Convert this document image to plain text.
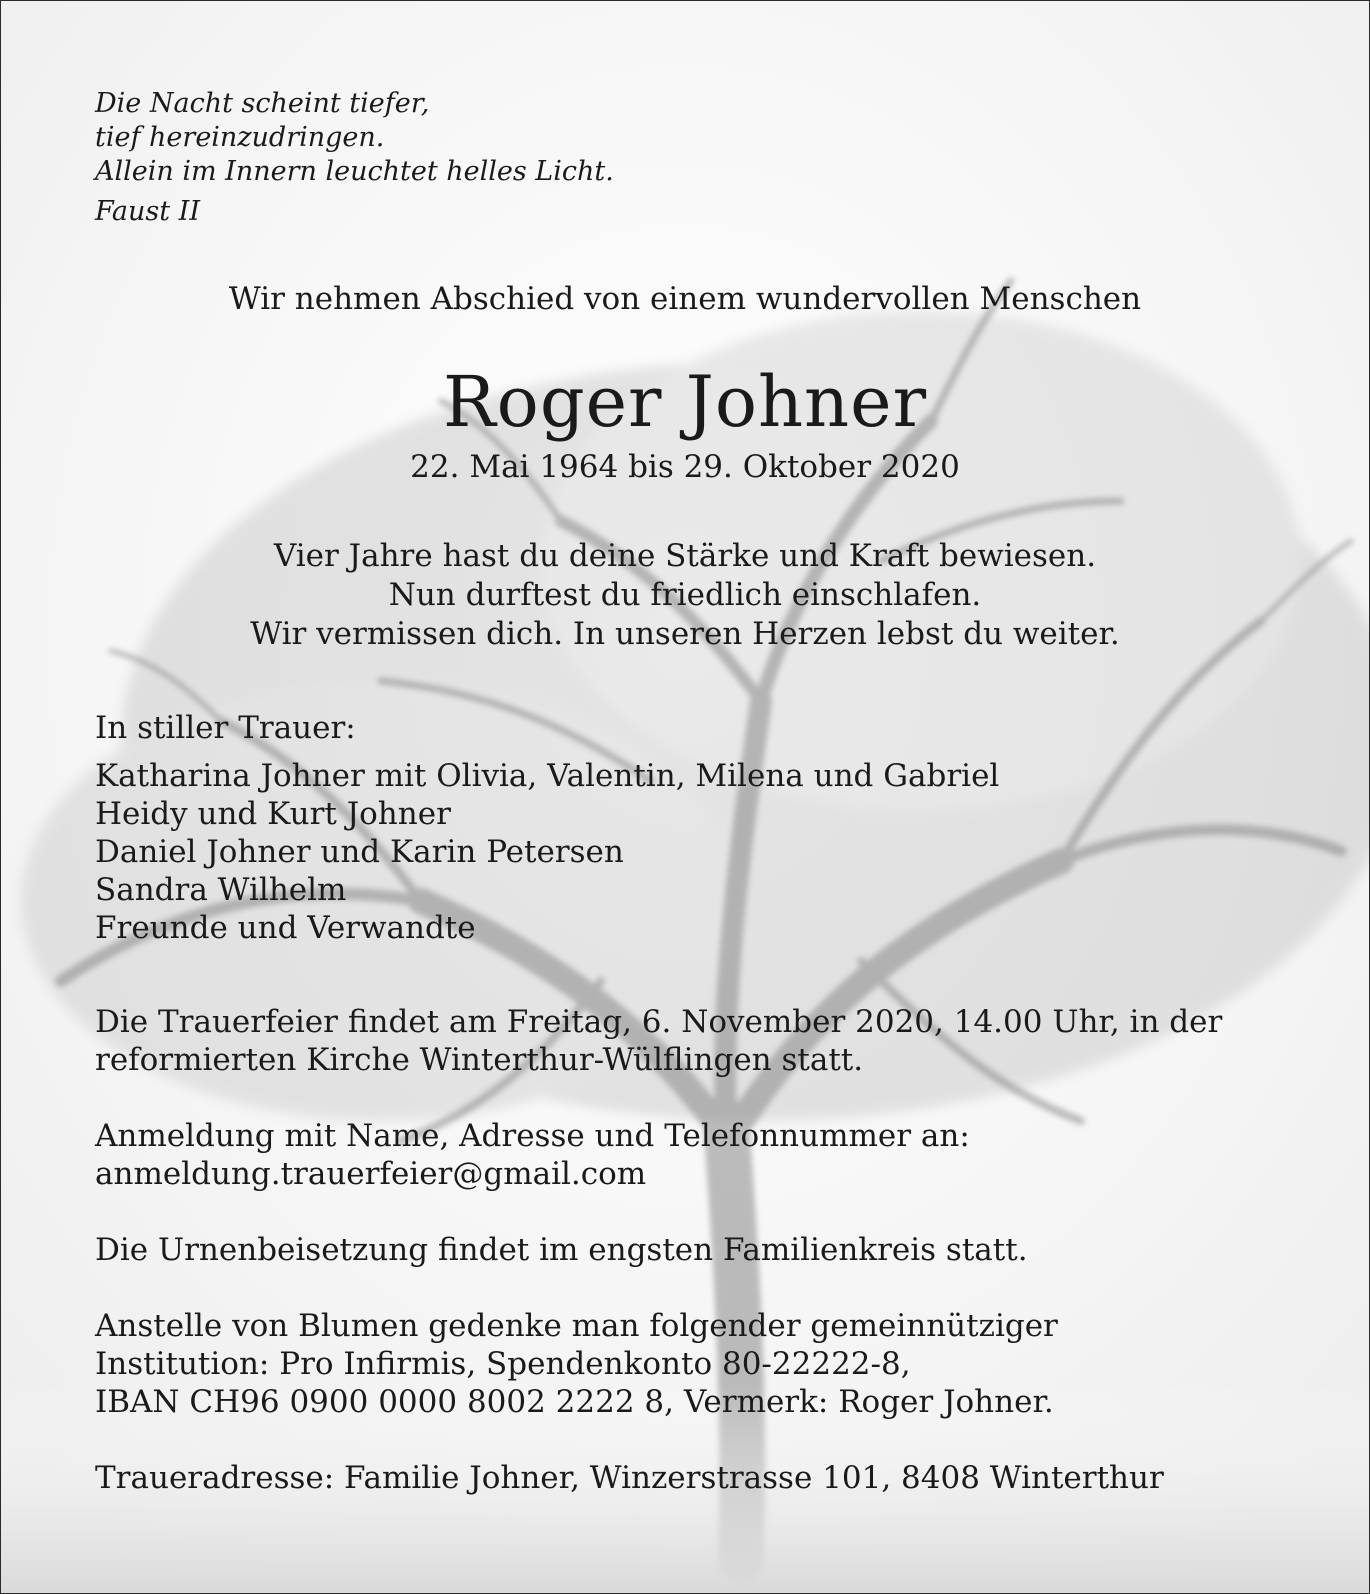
Die Nacht scheint tiefer,
tief hereinzudringen.
Allein im Innern leuchtet helles Licht.
Faust II
Wir nehmen Abschied von einem wundervollen Menschen
Roger Johner
22. Mai 1964 bis 29. Oktober 2020
Vier Jahre hast du deine Stärke und Kraft bewiesen.
Nun durftest du friedlich einschlafen.
Wir vermissen dich. In unseren Herzen lebst du weiter.
In stiller Trauer:
Katharina Johner mit Olivia, Valentin, Milena und Gabriel
Heidy und Kurt Johner
Daniel Johner und Karin Petersen
Sandra Wilhelm
Freunde und Verwandte
Die Trauerfeier findet am Freitag, 6. November 2020, 14.00 Uhr, in der
reformierten Kirche Winterthur-Wülflingen statt.
Anmeldung mit Name, Adresse und Telefonnummer an:
anmeldung.trauerfeier@gmail.com
Die Urnenbeisetzung findet im engsten Familienkreis statt.
Anstelle von Blumen gedenke man folgender gemeinnütziger
Institution: Pro Infirmis, Spendenkonto 80-22222-8,
IBAN CH96 0900 0000 8002 2222 8, Vermerk: Roger Johner.
Traueradresse: Familie Johner, Winzerstrasse 101, 8408 Winterthur
